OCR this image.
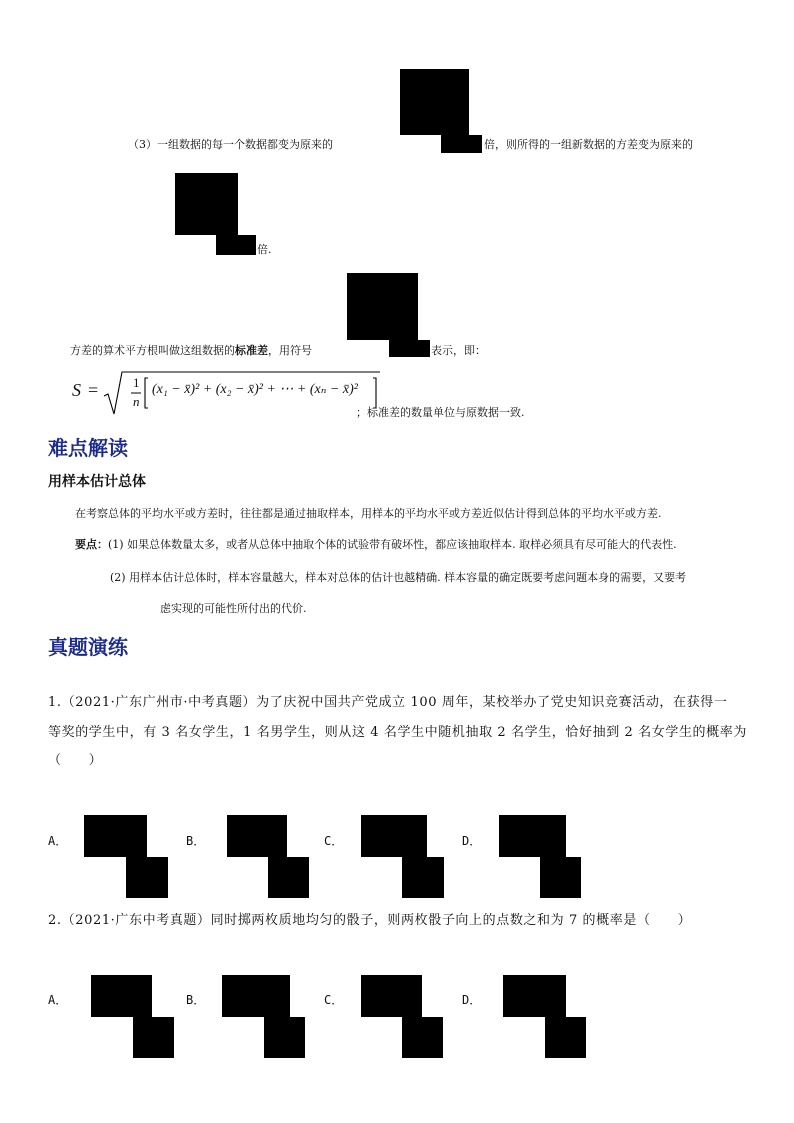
（3）一组数据的每一个数据都变为原来的	倍，则所得的一组新数据的方差变为原来的
倍.
方差的算术平方根叫做这组数据的标准差，用符号	表示，即：
S =	1
n
(x₁ − x̄)² + (x₂ − x̄)² + ⋯ + (xₙ − x̄)²
；标准差的数量单位与原数据一致.
难点解读
用样本估计总体
在考察总体的平均水平或方差时，往往都是通过抽取样本，用样本的平均水平或方差近似估计得到总体的平均水平或方差.
要点：(1) 如果总体数量太多，或者从总体中抽取个体的试验带有破坏性，都应该抽取样本. 取样必须具有尽可能大的代表性.
(2) 用样本估计总体时，样本容量越大，样本对总体的估计也越精确. 样本容量的确定既要考虑问题本身的需要，又要考
虑实现的可能性所付出的代价.
真题演练
1.（2021·广东广州市·中考真题）为了庆祝中国共产党成立 100 周年，某校举办了党史知识竞赛活动，在获得一
等奖的学生中，有 3 名女学生，1 名男学生，则从这 4 名学生中随机抽取 2 名学生，恰好抽到 2 名女学生的概率为
（　　）
A．	B．	C．	D．
2.（2021·广东中考真题）同时掷两枚质地均匀的骰子，则两枚骰子向上的点数之和为 7 的概率是（　　）
A．	B．	C．	D．
